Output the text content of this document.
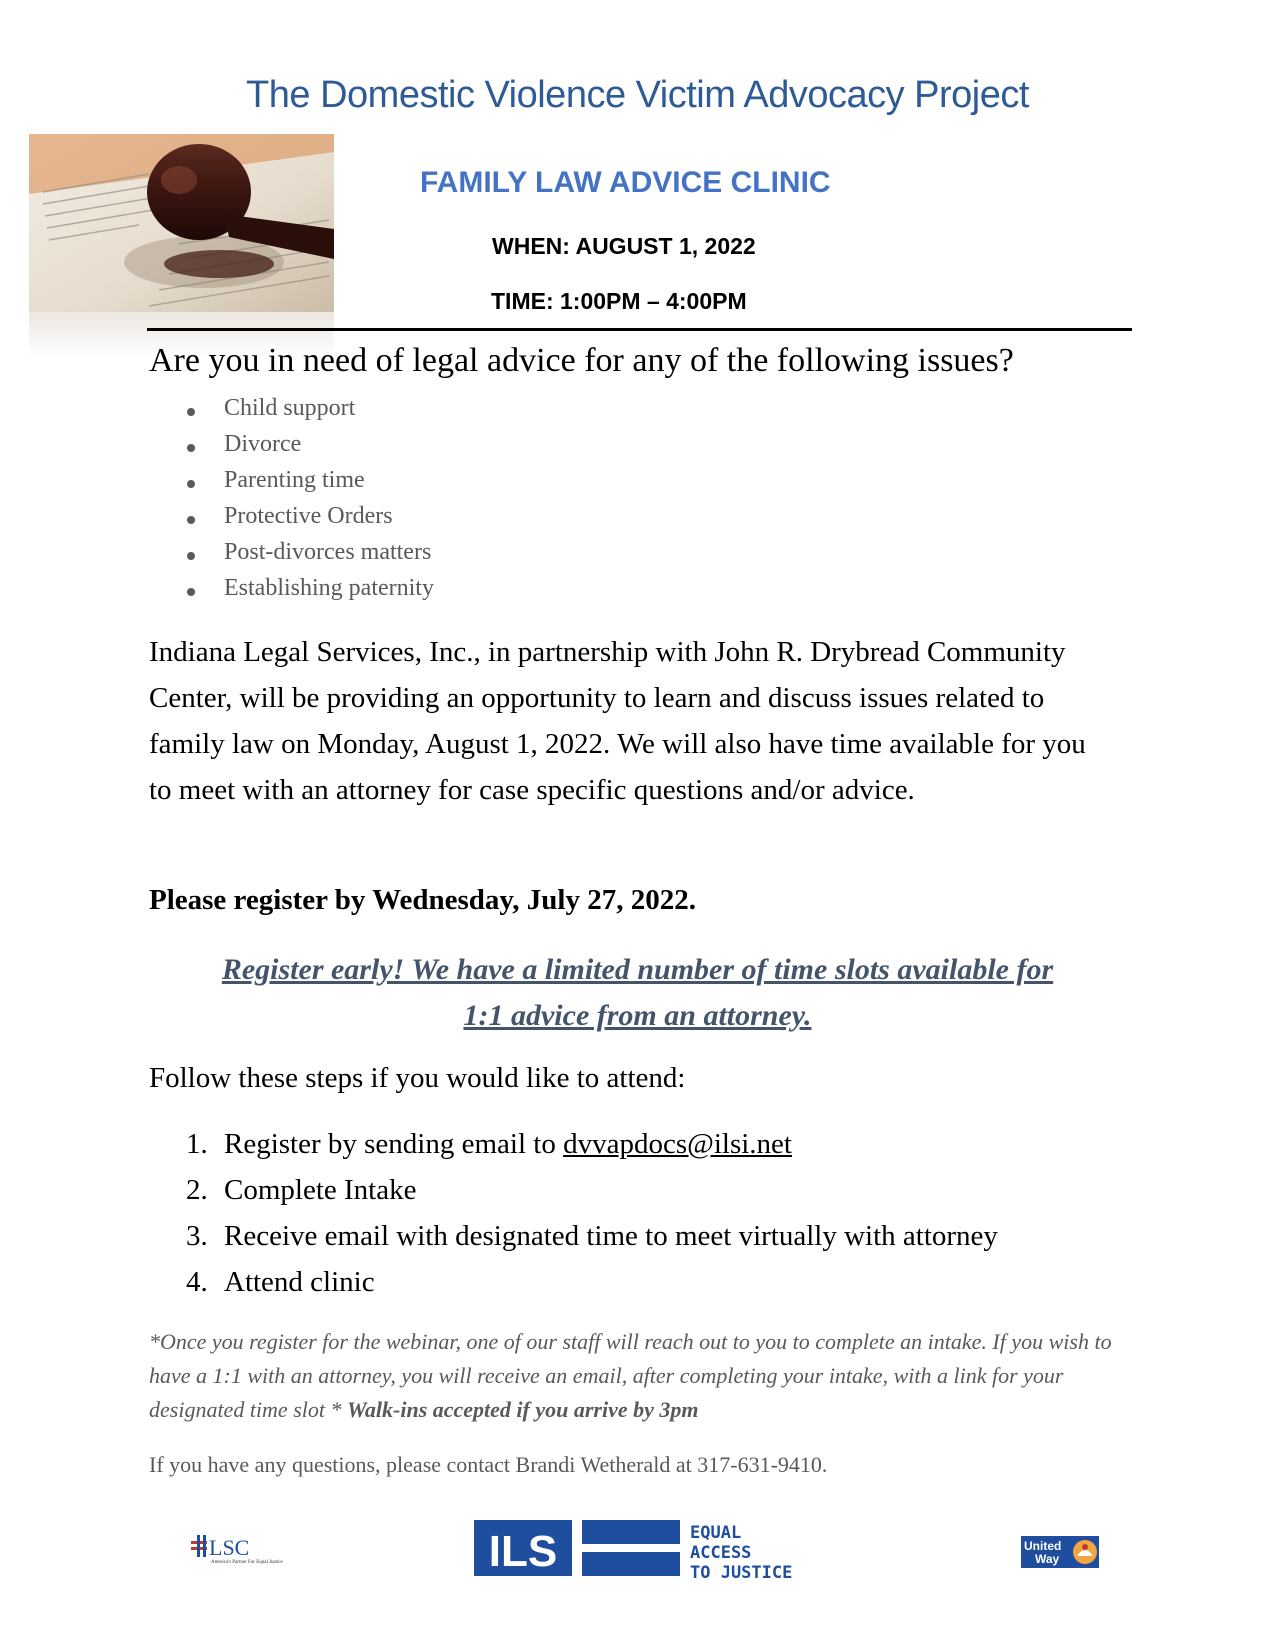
The Domestic Violence Victim Advocacy Project
FAMILY LAW ADVICE CLINIC
WHEN: AUGUST 1, 2022
TIME: 1:00PM – 4:00PM
Are you in need of legal advice for any of the following issues?
Child support
Divorce
Parenting time
Protective Orders
Post-divorces matters
Establishing paternity
Indiana Legal Services, Inc., in partnership with John R. Drybread Community Center, will be providing an opportunity to learn and discuss issues related to family law on Monday, August 1, 2022. We will also have time available for you to meet with an attorney for case specific questions and/or advice.
Please register by Wednesday, July 27, 2022.
Register early! We have a limited number of time slots available for
1:1 advice from an attorney.
Follow these steps if you would like to attend:
1. Register by sending email to dvvapdocs@ilsi.net
2. Complete Intake
3. Receive email with designated time to meet virtually with attorney
4. Attend clinic
*Once you register for the webinar, one of our staff will reach out to you to complete an intake. If you wish to have a 1:1 with an attorney, you will receive an email, after completing your intake, with a link for your designated time slot * Walk-ins accepted if you arrive by 3pm
If you have any questions, please contact Brandi Wetherald at 317-631-9410.
LSC
America's Partner For Equal Justice	ILS	EQUAL
ACCESS
TO JUSTICE
United
Way
